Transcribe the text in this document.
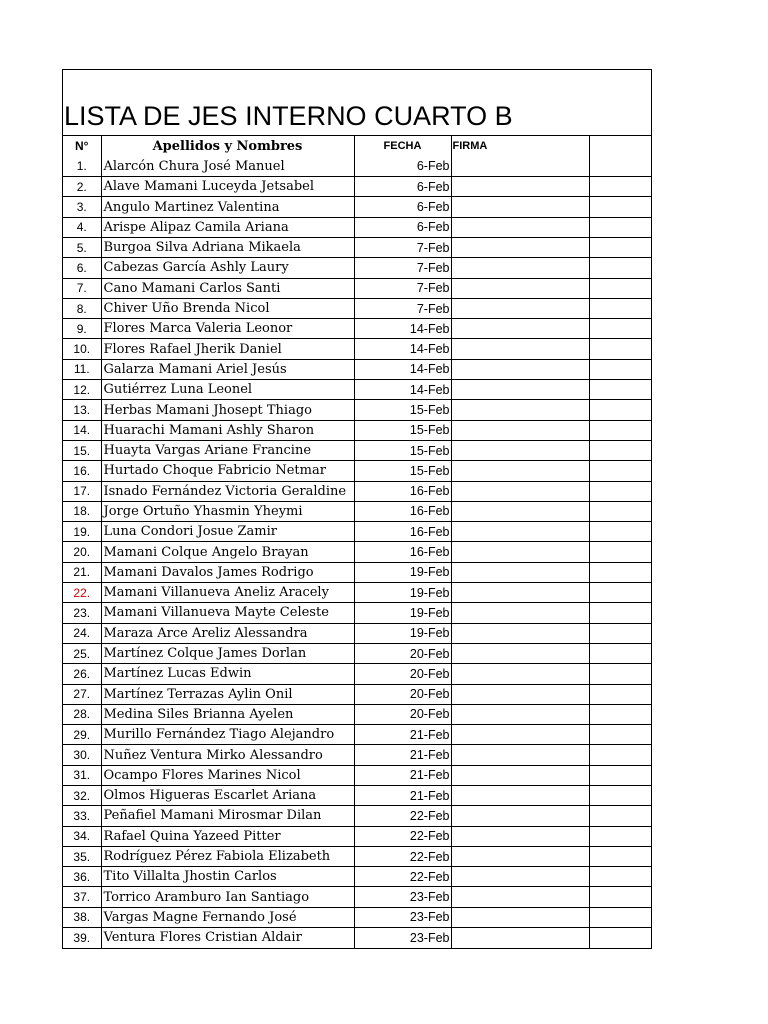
LISTA DE JES INTERNO CUARTO B
N°	Apellidos y Nombres	FECHA	FIRMA	
1.	Alarcón Chura José Manuel	6-Feb		
2.	Alave Mamani Luceyda Jetsabel	6-Feb		
3.	Angulo Martinez Valentina	6-Feb		
4.	Arispe Alipaz Camila Ariana	6-Feb		
5.	Burgoa Silva Adriana Mikaela	7-Feb		
6.	Cabezas García Ashly Laury	7-Feb		
7.	Cano Mamani Carlos Santi	7-Feb		
8.	Chiver Uño Brenda Nicol	7-Feb		
9.	Flores Marca Valeria Leonor	14-Feb		
10.	Flores Rafael Jherik Daniel	14-Feb		
11.	Galarza Mamani Ariel Jesús	14-Feb		
12.	Gutiérrez Luna Leonel	14-Feb		
13.	Herbas Mamani Jhosept Thiago	15-Feb		
14.	Huarachi Mamani Ashly Sharon	15-Feb		
15.	Huayta Vargas Ariane Francine	15-Feb		
16.	Hurtado Choque Fabricio Netmar	15-Feb		
17.	Isnado Fernández Victoria Geraldine	16-Feb		
18.	Jorge Ortuño Yhasmin Yheymi	16-Feb		
19.	Luna Condori Josue Zamir	16-Feb		
20.	Mamani Colque Angelo Brayan	16-Feb		
21.	Mamani Davalos James Rodrigo	19-Feb		
22.	Mamani Villanueva Aneliz Aracely	19-Feb		
23.	Mamani Villanueva Mayte Celeste	19-Feb		
24.	Maraza Arce Areliz Alessandra	19-Feb		
25.	Martínez Colque James Dorlan	20-Feb		
26.	Martínez Lucas Edwin	20-Feb		
27.	Martínez Terrazas Aylin Onil	20-Feb		
28.	Medina Siles Brianna Ayelen	20-Feb		
29.	Murillo Fernández Tiago Alejandro	21-Feb		
30.	Nuñez Ventura Mirko Alessandro	21-Feb		
31.	Ocampo Flores Marines Nicol	21-Feb		
32.	Olmos Higueras Escarlet Ariana	21-Feb		
33.	Peñafiel Mamani Mirosmar Dilan	22-Feb		
34.	Rafael Quina Yazeed Pitter	22-Feb		
35.	Rodríguez Pérez Fabiola Elizabeth	22-Feb		
36.	Tito Villalta Jhostin Carlos	22-Feb		
37.	Torrico Aramburo Ian Santiago	23-Feb		
38.	Vargas Magne Fernando José	23-Feb		
39.	Ventura Flores Cristian Aldair	23-Feb		
